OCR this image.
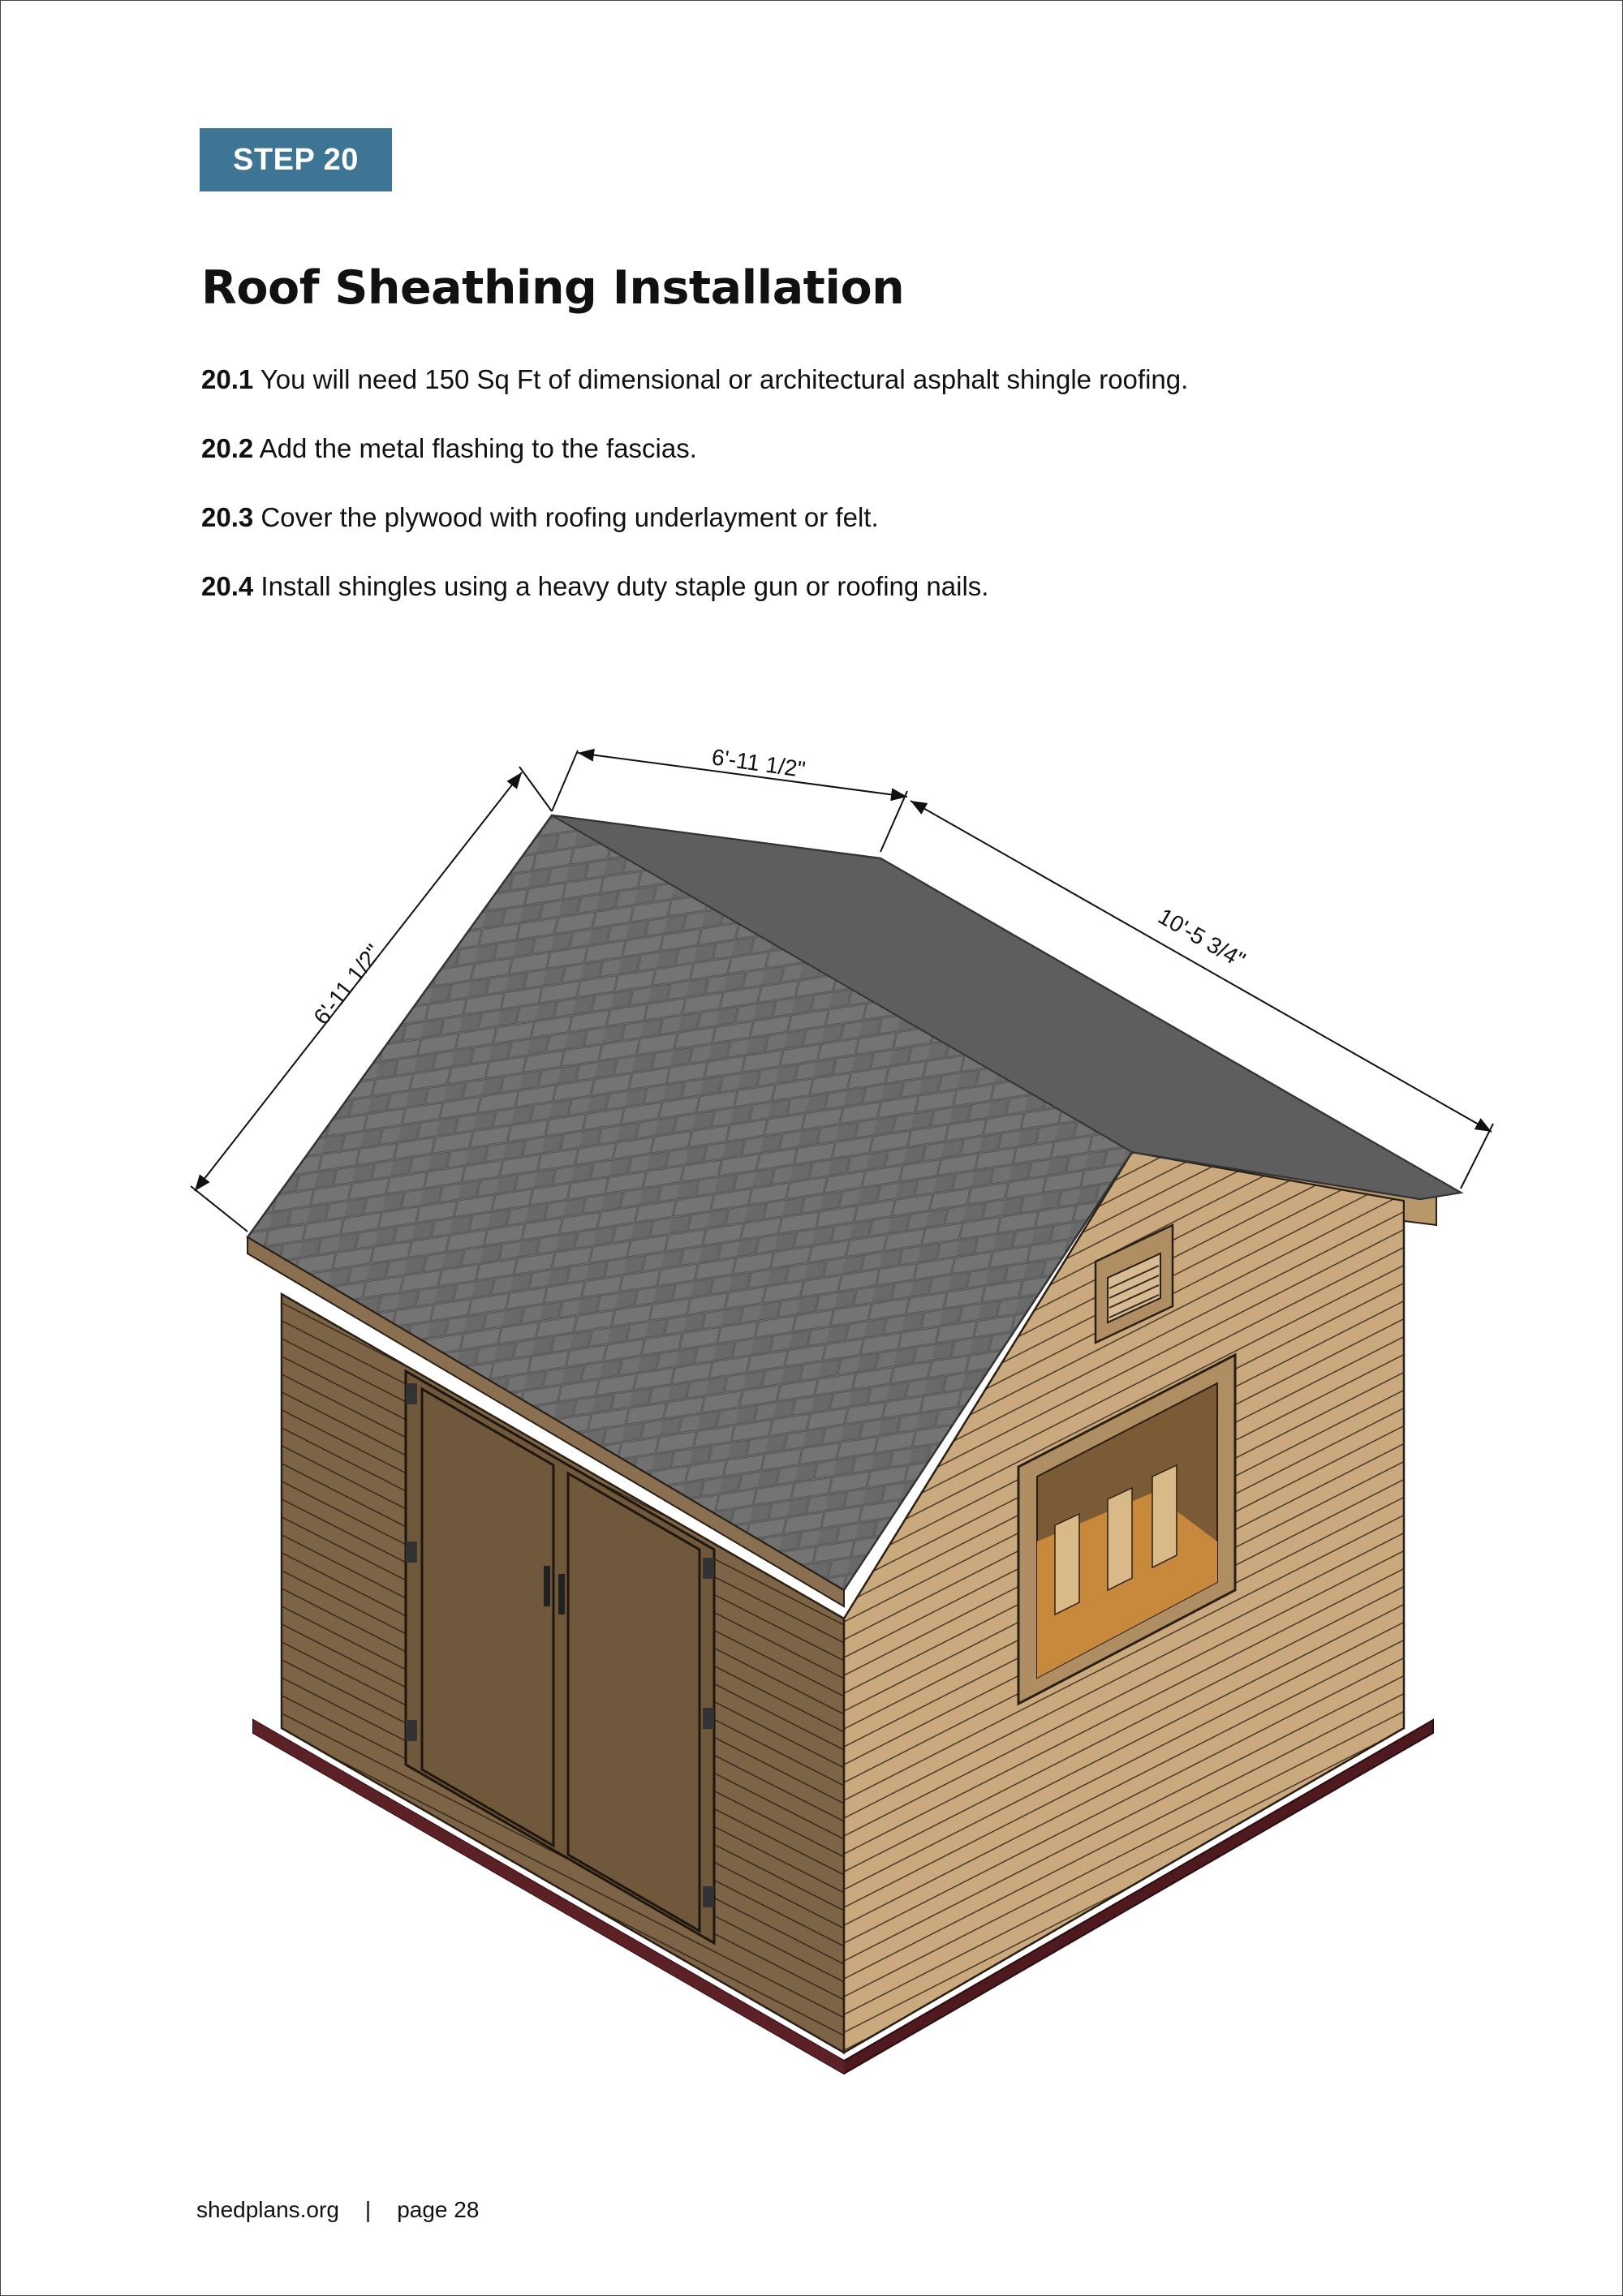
STEP 20
Roof Sheathing Installation
20.1 You will need 150 Sq Ft of dimensional or architectural asphalt shingle roofing.
20.2 Add the metal flashing to the fascias.
20.3 Cover the plywood with roofing underlayment or felt.
20.4 Install shingles using a heavy duty staple gun or roofing nails.
6'-11 1/2"
6'-11 1/2"
10'-5 3/4"
shedplans.org | page 28
